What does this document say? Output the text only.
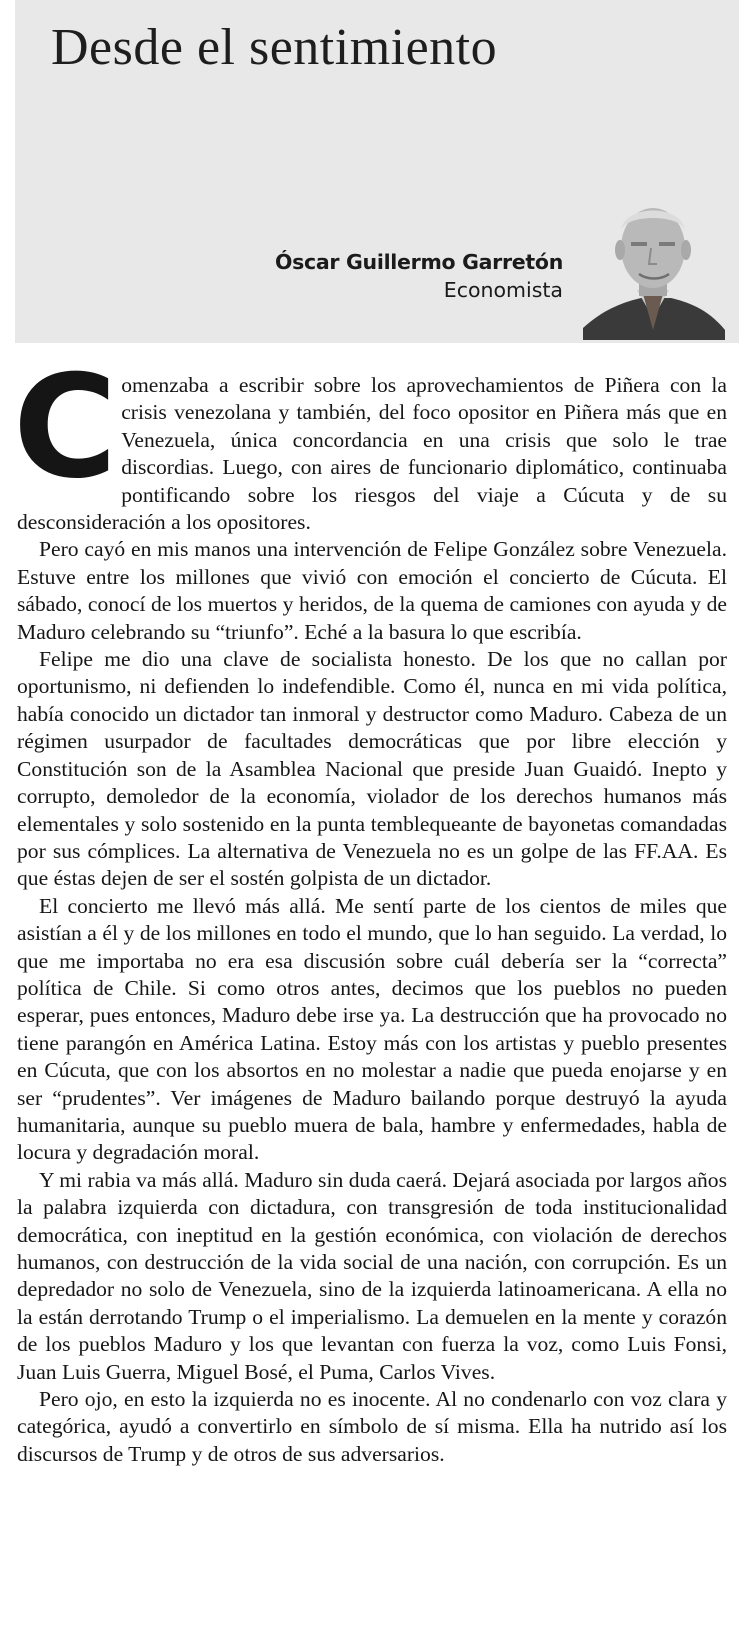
Desde el sentimiento
Óscar Guillermo Garretón
Economista

Comenzaba a escribir sobre los aprovechamientos de Piñera con la crisis venezolana y también, del foco opositor en Piñera más que en Venezuela, única concordancia en una crisis que solo le trae discordias. Luego, con aires de funcionario diplomático, continuaba pontificando sobre los riesgos del viaje a Cúcuta y de su desconsideración a los opositores.

Pero cayó en mis manos una intervención de Felipe González sobre Venezuela. Estuve entre los millones que vivió con emoción el concierto de Cúcuta. El sábado, conocí de los muertos y heridos, de la quema de camiones con ayuda y de Maduro celebrando su “triunfo”. Eché a la basura lo que escribía.

Felipe me dio una clave de socialista honesto. De los que no callan por oportunismo, ni defienden lo indefendible. Como él, nunca en mi vida política, había conocido un dictador tan inmoral y destructor como Maduro. Cabeza de un régimen usurpador de facultades democráticas que por libre elección y Constitución son de la Asamblea Nacional que preside Juan Guaidó. Inepto y corrupto, demoledor de la economía, violador de los derechos humanos más elementales y solo sostenido en la punta temblequeante de bayonetas comandadas por sus cómplices. La alternativa de Venezuela no es un golpe de las FF.AA. Es que éstas dejen de ser el sostén golpista de un dictador.

El concierto me llevó más allá. Me sentí parte de los cientos de miles que asistían a él y de los millones en todo el mundo, que lo han seguido. La verdad, lo que me importaba no era esa discusión sobre cuál debería ser la “correcta” política de Chile. Si como otros antes, decimos que los pueblos no pueden esperar, pues entonces, Maduro debe irse ya. La destrucción que ha provocado no tiene parangón en América Latina. Estoy más con los artistas y pueblo presentes en Cúcuta, que con los absortos en no molestar a nadie que pueda enojarse y en ser “prudentes”. Ver imágenes de Maduro bailando porque destruyó la ayuda humanitaria, aunque su pueblo muera de bala, hambre y enfermedades, habla de locura y degradación moral.

Y mi rabia va más allá. Maduro sin duda caerá. Dejará asociada por largos años la palabra izquierda con dictadura, con transgresión de toda institucionalidad democrática, con ineptitud en la gestión económica, con violación de derechos humanos, con destrucción de la vida social de una nación, con corrupción. Es un depredador no solo de Venezuela, sino de la izquierda latinoamericana. A ella no la están derrotando Trump o el imperialismo. La demuelen en la mente y corazón de los pueblos Maduro y los que levantan con fuerza la voz, como Luis Fonsi, Juan Luis Guerra, Miguel Bosé, el Puma, Carlos Vives.

Pero ojo, en esto la izquierda no es inocente. Al no condenarlo con voz clara y categórica, ayudó a convertirlo en símbolo de sí misma. Ella ha nutrido así los discursos de Trump y de otros de sus adversarios.
